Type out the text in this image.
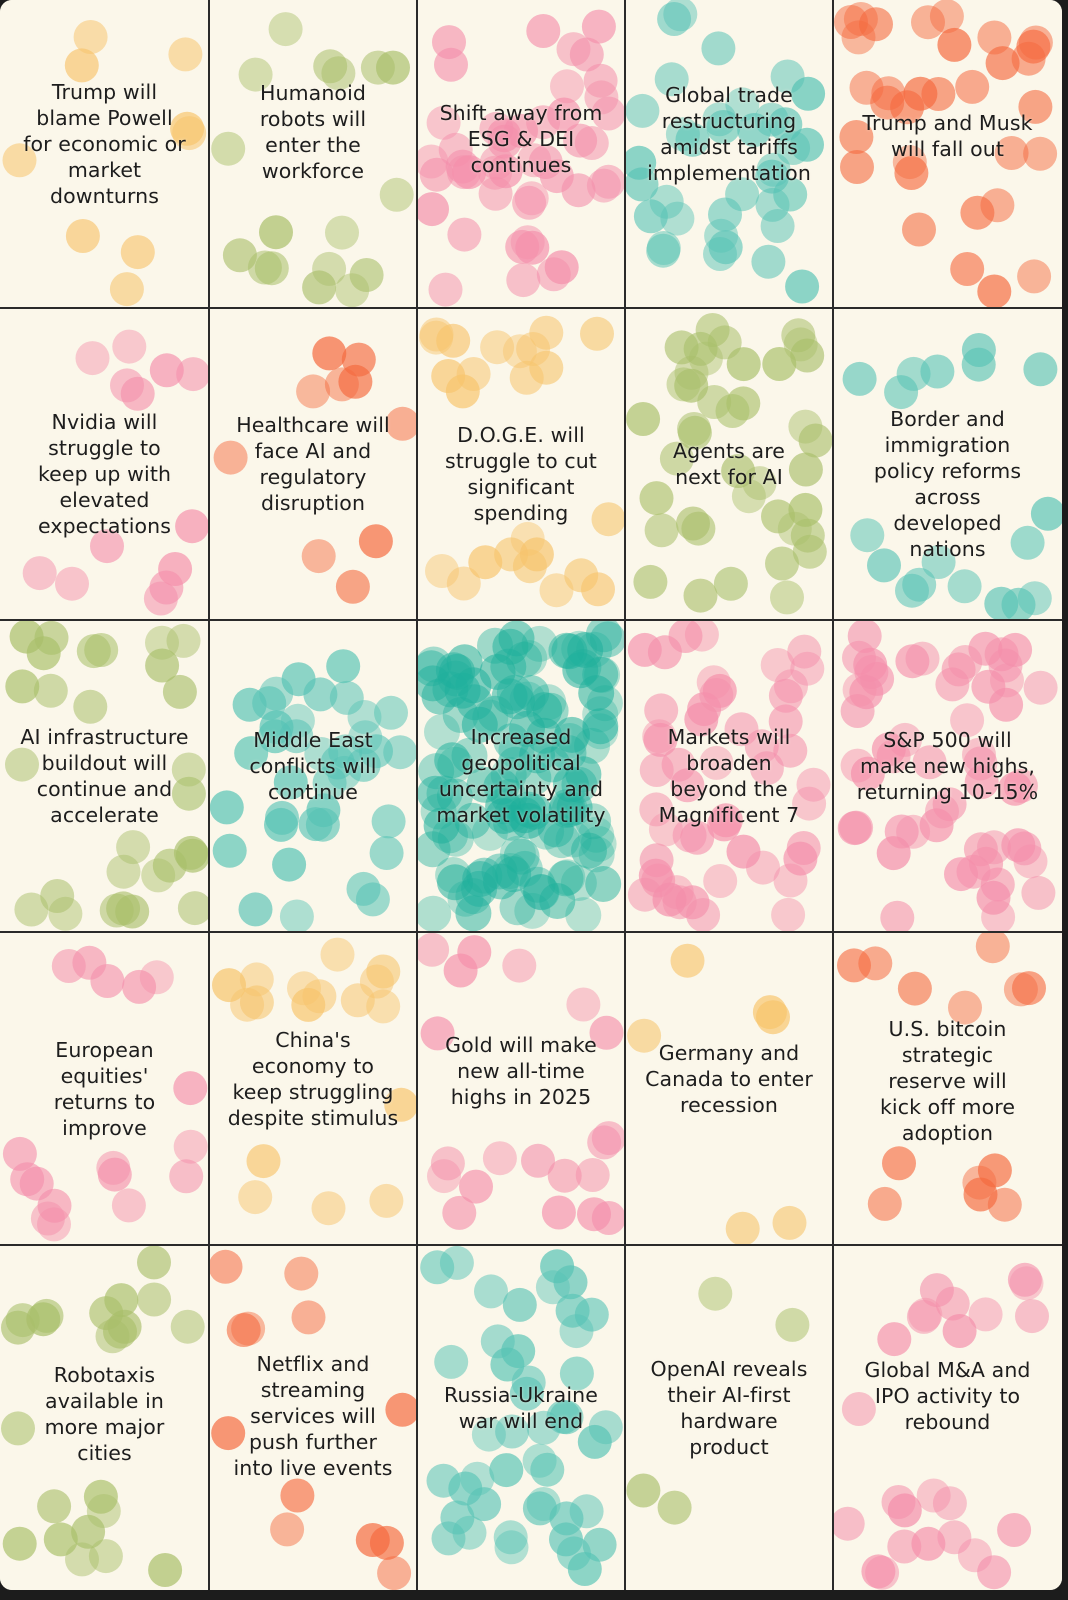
Trump will
blame Powell
for economic or
market
downturns
Humanoid
robots will
enter the
workforce
Shift away from
ESG & DEI
continues
Global trade
restructuring
amidst tariffs
implementation
Trump and Musk
will fall out
Nvidia will
struggle to
keep up with
elevated
expectations
Healthcare will
face AI and
regulatory
disruption
D.O.G.E. will
struggle to cut
significant
spending
Agents are
next for AI
Border and
immigration
policy reforms
across
developed
nations
AI infrastructure
buildout will
continue and
accelerate
Middle East
conflicts will
continue
Increased
geopolitical
uncertainty and
market volatility
Markets will
broaden
beyond the
Magnificent 7
S&P 500 will
make new highs,
returning 10-15%
European
equities'
returns to
improve
China's
economy to
keep struggling
despite stimulus
Gold will make
new all-time
highs in 2025
Germany and
Canada to enter
recession
U.S. bitcoin
strategic
reserve will
kick off more
adoption
Robotaxis
available in
more major
cities
Netflix and
streaming
services will
push further
into live events
Russia-Ukraine
war will end
OpenAI reveals
their AI-first
hardware
product
Global M&A and
IPO activity to
rebound
